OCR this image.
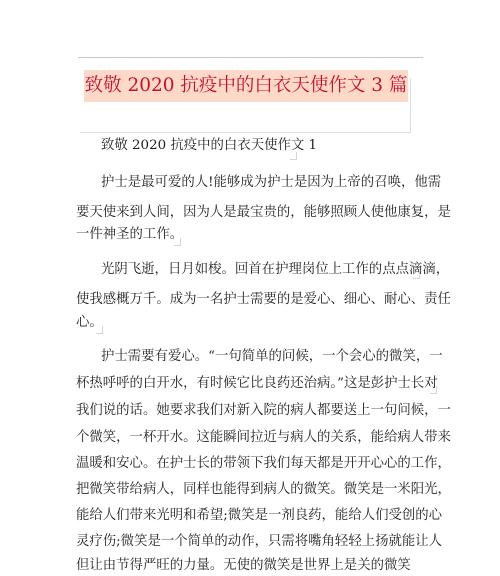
致敬 2020 抗疫中的白衣天使作文 3 篇
致敬 2020 抗疫中的白衣天使作文 1
护士是最可爱的人!能够成为护士是因为上帝的召唤，他需
要天使来到人间，因为人是最宝贵的，能够照顾人使他康复，是
一件神圣的工作。
光阴飞逝，日月如梭。回首在护理岗位上工作的点点滴滴，
使我感概万千。成为一名护士需要的是爱心、细心、耐心、责任
心。
护士需要有爱心。“一句简单的问候，一个会心的微笑，一
杯热呼呼的白开水，有时候它比良药还治病。”这是彭护士长对
我们说的话。她要求我们对新入院的病人都要送上一句问候，一
个微笑，一杯开水。这能瞬间拉近与病人的关系，能给病人带来
温暖和安心。在护士长的带领下我们每天都是开开心心的工作，
把微笑带给病人，同样也能得到病人的微笑。微笑是一米阳光，
能给人们带来光明和希望;微笑是一剂良药，能给人们受创的心
灵疗伤;微笑是一个简单的动作，只需将嘴角轻轻上扬就能让人
但让由节得严旺的力量。无使的微笑是世界上是关的微笑
